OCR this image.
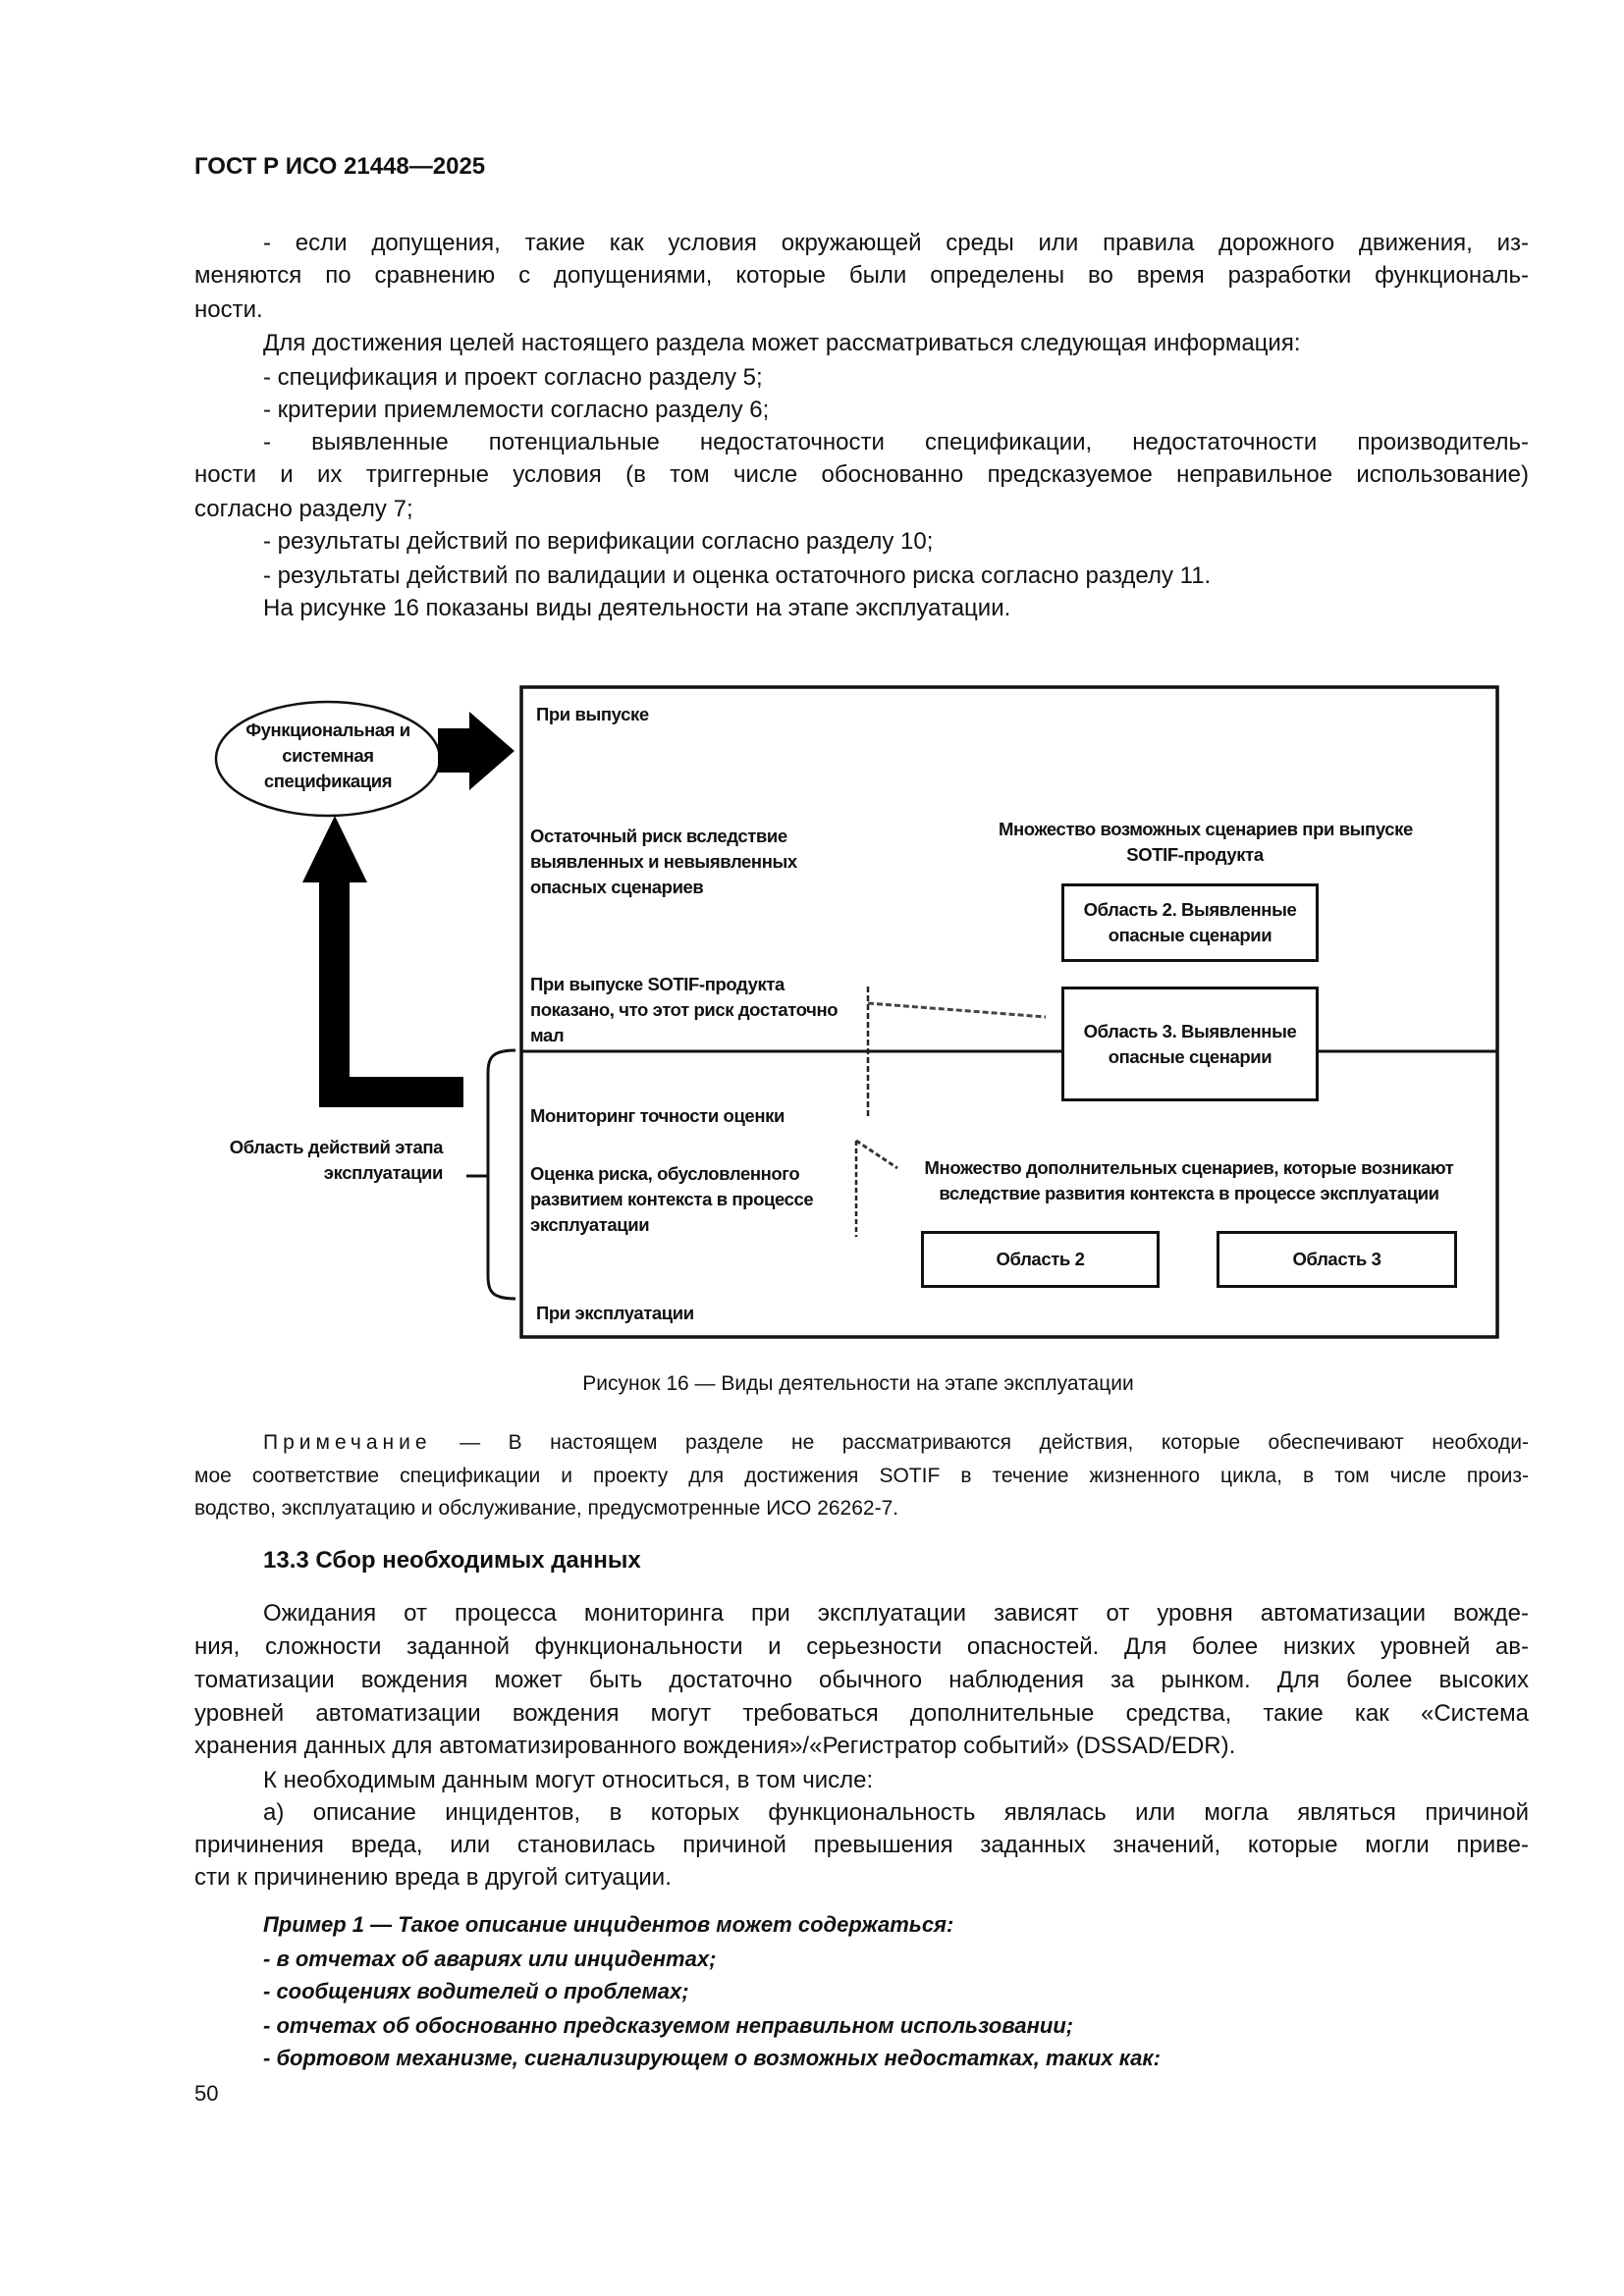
ГОСТ Р ИСО 21448—2025
- если допущения, такие как условия окружающей среды или правила дорожного движения, из-
меняются по сравнению с допущениями, которые были определены во время разработки функциональ-
ности.
Для достижения целей настоящего раздела может рассматриваться следующая информация:
- спецификация и проект согласно разделу 5;
- критерии приемлемости согласно разделу 6;
- выявленные потенциальные недостаточности спецификации, недостаточности производитель-
ности и их триггерные условия (в том числе обоснованно предсказуемое неправильное использование)
согласно разделу 7;
- результаты действий по верификации согласно разделу 10;
- результаты действий по валидации и оценка остаточного риска согласно разделу 11.
На рисунке 16 показаны виды деятельности на этапе эксплуатации.
Функциональная и
системная
спецификация
Область действий этапа
эксплуатации
При выпуске
Остаточный риск вследствие
выявленных и невыявленных
опасных сценариев
При выпуске SOTIF-продукта
показано, что этот риск достаточно
мал
Мониторинг точности оценки
Оценка риска, обусловленного
развитием контекста в процессе
эксплуатации
При эксплуатации
Множество возможных сценариев при выпуске
SOTIF-продукта
Область 2. Выявленные
опасные сценарии
Область 3. Выявленные
опасные сценарии
Множество дополнительных сценариев, которые возникают
вследствие развития контекста в процессе эксплуатации
Область 2	Область 3
Рисунок 16 — Виды деятельности на этапе эксплуатации
Примечание — В настоящем разделе не рассматриваются действия, которые обеспечивают необходи-
мое соответствие спецификации и проекту для достижения SOTIF в течение жизненного цикла, в том числе произ-
водство, эксплуатацию и обслуживание, предусмотренные ИСО 26262-7.
13.3 Сбор необходимых данных
Ожидания от процесса мониторинга при эксплуатации зависят от уровня автоматизации вожде-
ния, сложности заданной функциональности и серьезности опасностей. Для более низких уровней ав-
томатизации вождения может быть достаточно обычного наблюдения за рынком. Для более высоких
уровней автоматизации вождения могут требоваться дополнительные средства, такие как «Система
хранения данных для автоматизированного вождения»/«Регистратор событий» (DSSAD/EDR).
К необходимым данным могут относиться, в том числе:
а) описание инцидентов, в которых функциональность являлась или могла являться причиной
причинения вреда, или становилась причиной превышения заданных значений, которые могли приве-
сти к причинению вреда в другой ситуации.
Пример 1 — Такое описание инцидентов может содержаться:
- в отчетах об авариях или инцидентах;
- сообщениях водителей о проблемах;
- отчетах об обоснованно предсказуемом неправильном использовании;
- бортовом механизме, сигнализирующем о возможных недостатках, таких как:
50
